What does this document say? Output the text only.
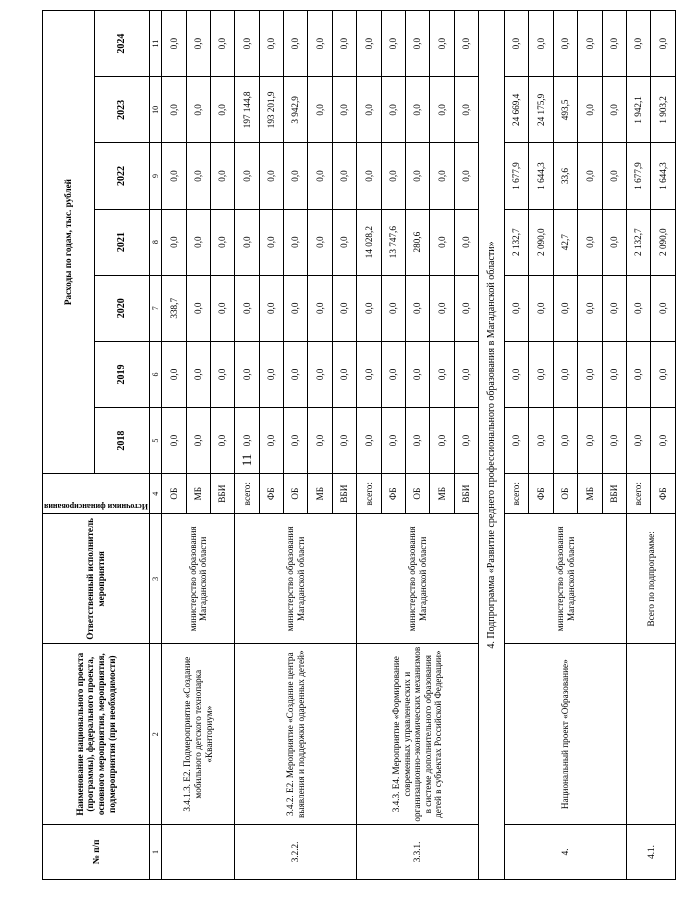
11
№ п/п	Наименование национального проекта (программы), федерального проекта, основного мероприятия, мероприятия, подмероприятия (при необходимости)	Ответственный исполнитель мероприятия	Источники финансирования	Расходы по годам, тыс. рублей						
				2018	2019	2020	2021	2022	2023	2024
1	2	3	4	5	6	7	8	9	10	11
	3.4.1.3. Е2. Подмероприятие «Создание мобильного детского технопарка «Кванториум»	министерство образования Магаданской области	ОБ	0,0	0,0	338,7	0,0	0,0	0,0	0,0
			МБ	0,0	0,0	0,0	0,0	0,0	0,0	0,0
			ВБИ	0,0	0,0	0,0	0,0	0,0	0,0	0,0
3.2.2.	3.4.2. Е2. Мероприятие «Создание центра выявления и поддержки одаренных детей»	министерство образования Магаданской области	всего:	0,0	0,0	0,0	0,0	0,0	197 144,8	0,0
			ФБ	0,0	0,0	0,0	0,0	0,0	193 201,9	0,0
			ОБ	0,0	0,0	0,0	0,0	0,0	3 942,9	0,0
			МБ	0,0	0,0	0,0	0,0	0,0	0,0	0,0
			ВБИ	0,0	0,0	0,0	0,0	0,0	0,0	0,0
3.3.1.	3.4.3. Е4. Мероприятие «Формирование современных управленческих и организационно-экономических механизмов в системе дополнительного образования детей в субъектах Российской Федерации»	министерство образования Магаданской области	всего:	0,0	0,0	0,0	14 028,2	0,0	0,0	0,0
			ФБ	0,0	0,0	0,0	13 747,6	0,0	0,0	0,0
			ОБ	0,0	0,0	0,0	280,6	0,0	0,0	0,0
			МБ	0,0	0,0	0,0	0,0	0,0	0,0	0,0
			ВБИ	0,0	0,0	0,0	0,0	0,0	0,0	0,0
4. Подпрограмма «Развитие среднего профессионального образования в Магаданской области»										
4.	Национальный проект «Образование»	министерство образования Магаданской области	всего:	0,0	0,0	0,0	2 132,7	1 677,9	24 669,4	0,0
			ФБ	0,0	0,0	0,0	2 090,0	1 644,3	24 175,9	0,0
			ОБ	0,0	0,0	0,0	42,7	33,6	493,5	0,0
			МБ	0,0	0,0	0,0	0,0	0,0	0,0	0,0
			ВБИ	0,0	0,0	0,0	0,0	0,0	0,0	0,0
4.1.		Всего по подпрограмме:	всего:	0,0	0,0	0,0	2 132,7	1 677,9	1 942,1	0,0
			ФБ	0,0	0,0	0,0	2 090,0	1 644,3	1 903,2	0,0
